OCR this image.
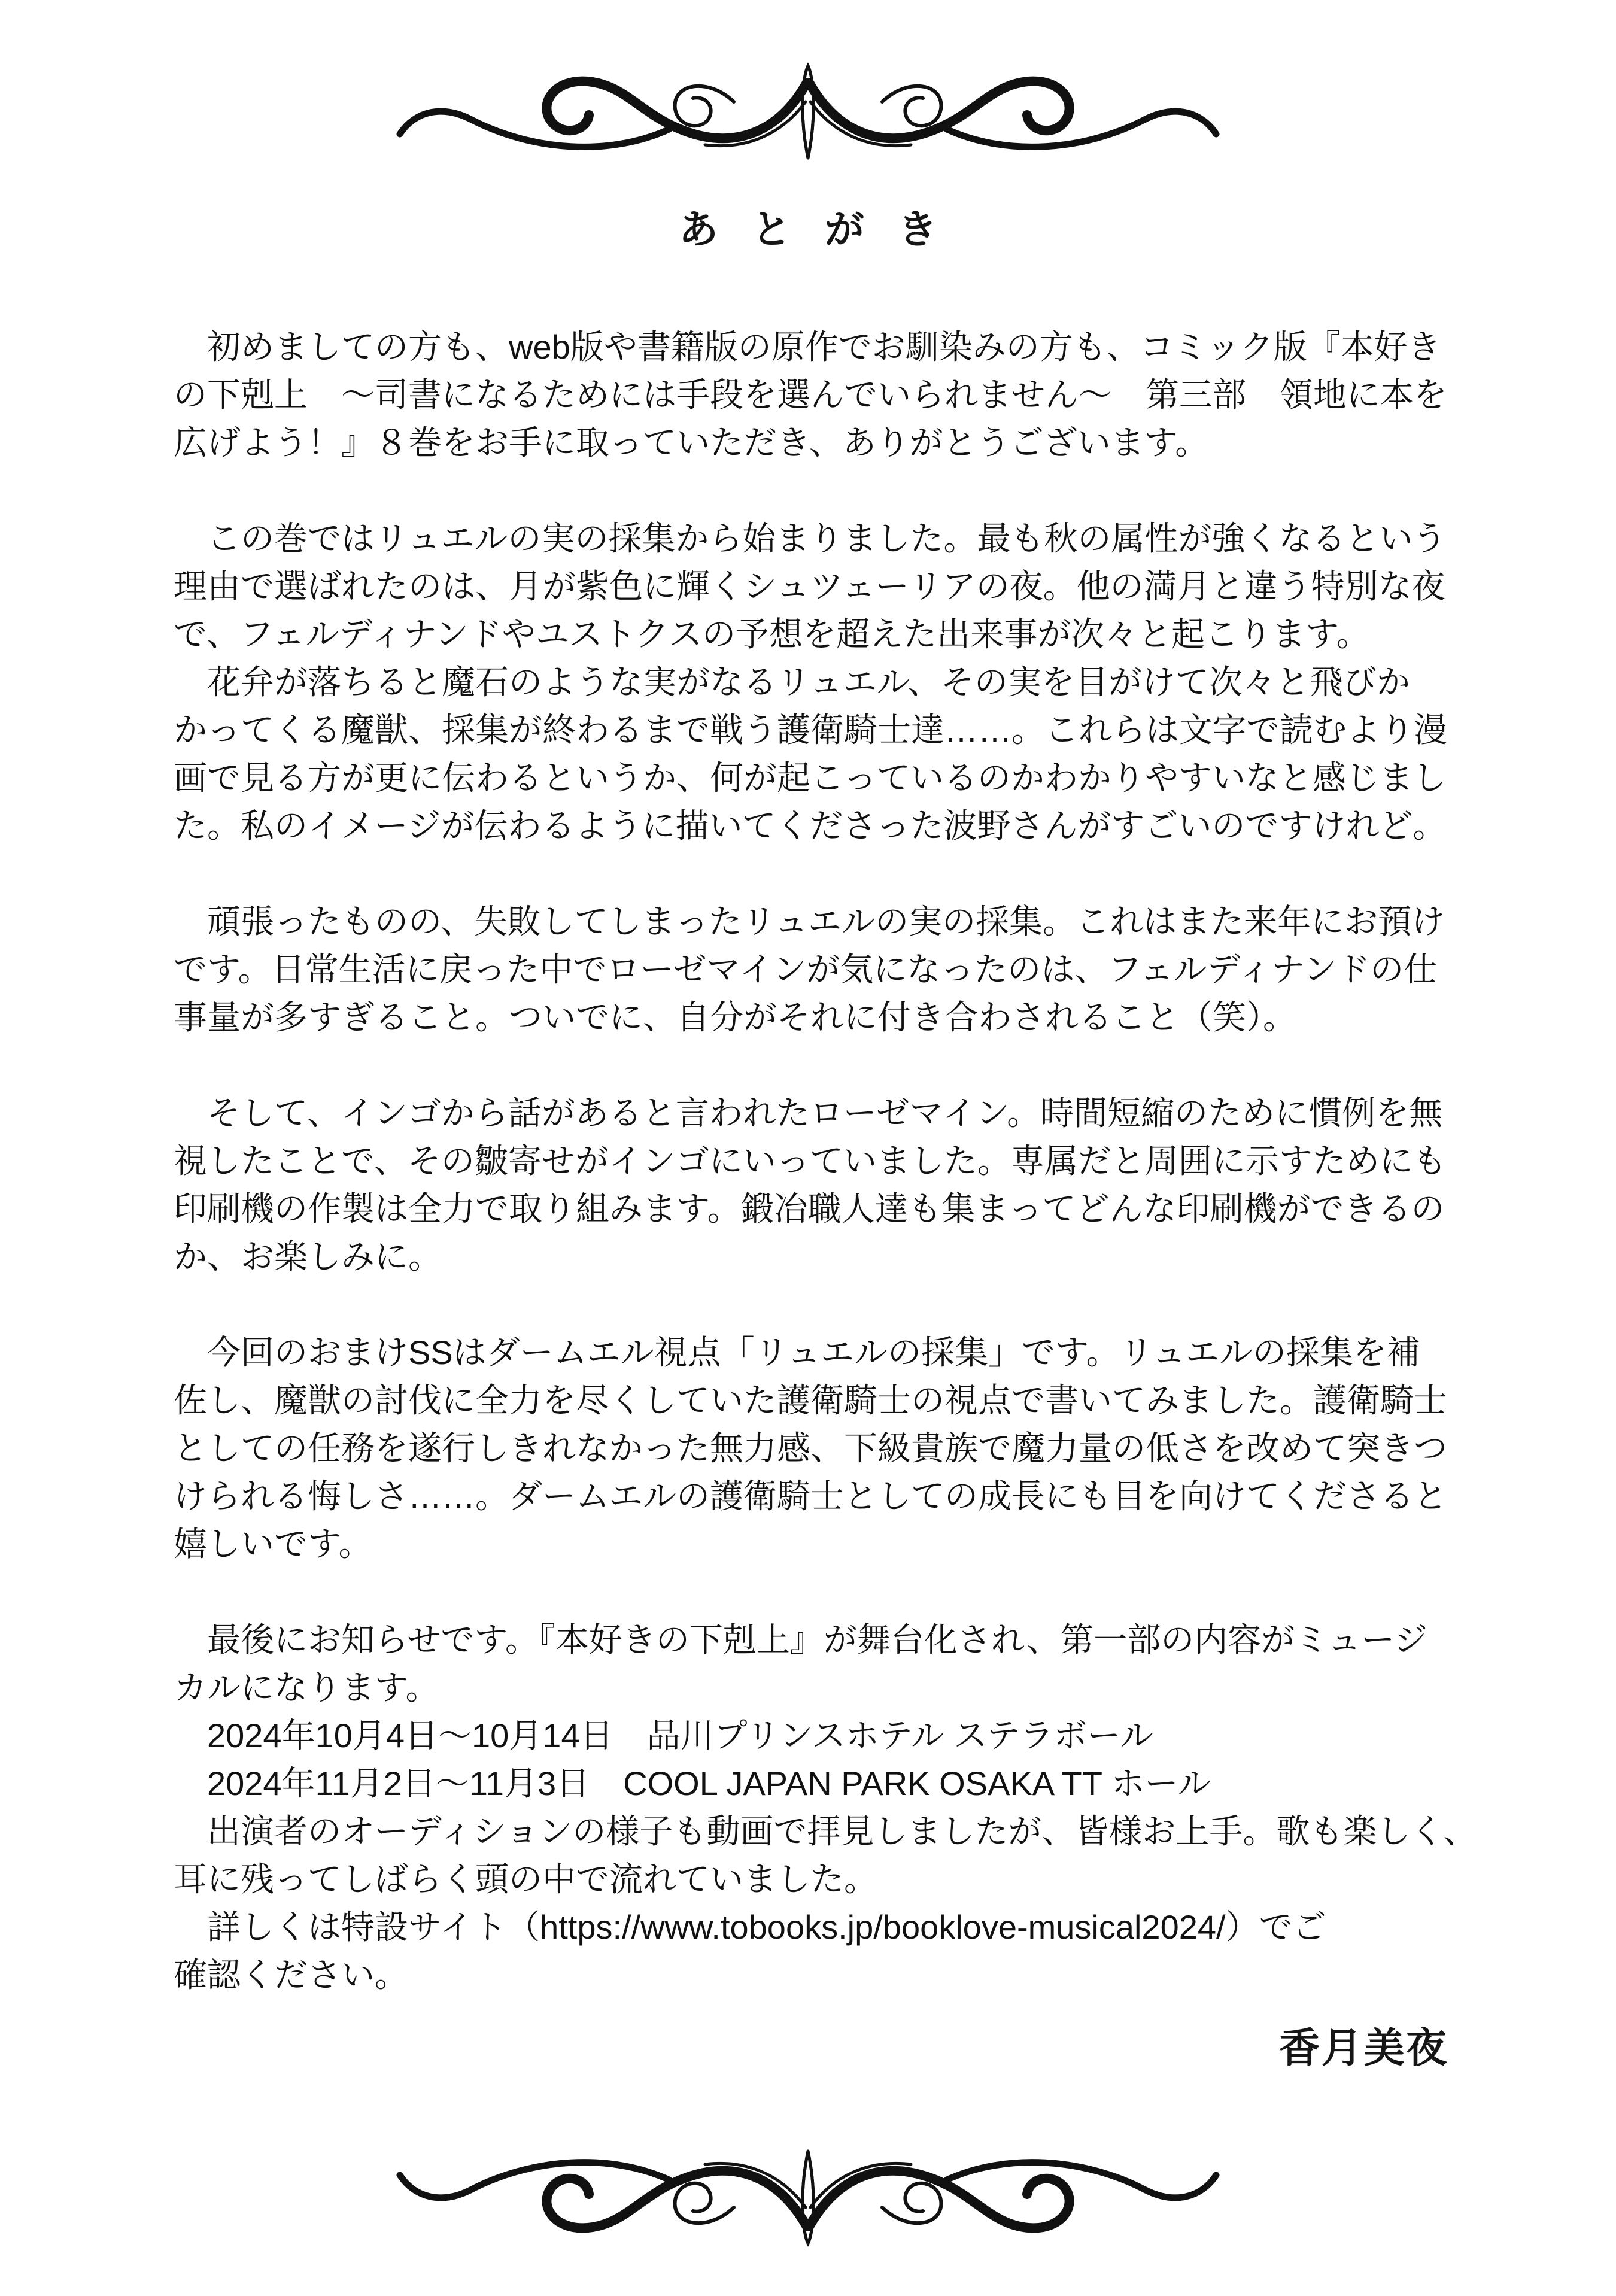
あとがき
　初めましての方も、web版や書籍版の原作でお馴染みの方も、コミック版『本好き
の下剋上　〜司書になるためには手段を選んでいられません〜　第三部　領地に本を
広げよう！』８巻をお手に取っていただき、ありがとうございます。
　この巻ではリュエルの実の採集から始まりました。最も秋の属性が強くなるという
理由で選ばれたのは、月が紫色に輝くシュツェーリアの夜。他の満月と違う特別な夜
で、フェルディナンドやユストクスの予想を超えた出来事が次々と起こります。
　花弁が落ちると魔石のような実がなるリュエル、その実を目がけて次々と飛びか
かってくる魔獣、採集が終わるまで戦う護衛騎士達……。これらは文字で読むより漫
画で見る方が更に伝わるというか、何が起こっているのかわかりやすいなと感じまし
た。私のイメージが伝わるように描いてくださった波野さんがすごいのですけれど。
　頑張ったものの、失敗してしまったリュエルの実の採集。これはまた来年にお預け
です。日常生活に戻った中でローゼマインが気になったのは、フェルディナンドの仕
事量が多すぎること。ついでに、自分がそれに付き合わされること（笑）。
　そして、インゴから話があると言われたローゼマイン。時間短縮のために慣例を無
視したことで、その皺寄せがインゴにいっていました。専属だと周囲に示すためにも
印刷機の作製は全力で取り組みます。鍛冶職人達も集まってどんな印刷機ができるの
か、お楽しみに。
　今回のおまけSSはダームエル視点「リュエルの採集」です。リュエルの採集を補
佐し、魔獣の討伐に全力を尽くしていた護衛騎士の視点で書いてみました。護衛騎士
としての任務を遂行しきれなかった無力感、下級貴族で魔力量の低さを改めて突きつ
けられる悔しさ……。ダームエルの護衛騎士としての成長にも目を向けてくださると
嬉しいです。
　最後にお知らせです。『本好きの下剋上』が舞台化され、第一部の内容がミュージ
カルになります。
　2024年10月4日〜10月14日　品川プリンスホテル ステラボール
　2024年11月2日〜11月3日　COOL JAPAN PARK OSAKA TT ホール
　出演者のオーディションの様子も動画で拝見しましたが、皆様お上手。歌も楽しく、
耳に残ってしばらく頭の中で流れていました。
　詳しくは特設サイト（https://www.tobooks.jp/booklove-musical2024/）でご
確認ください。
香月美夜
